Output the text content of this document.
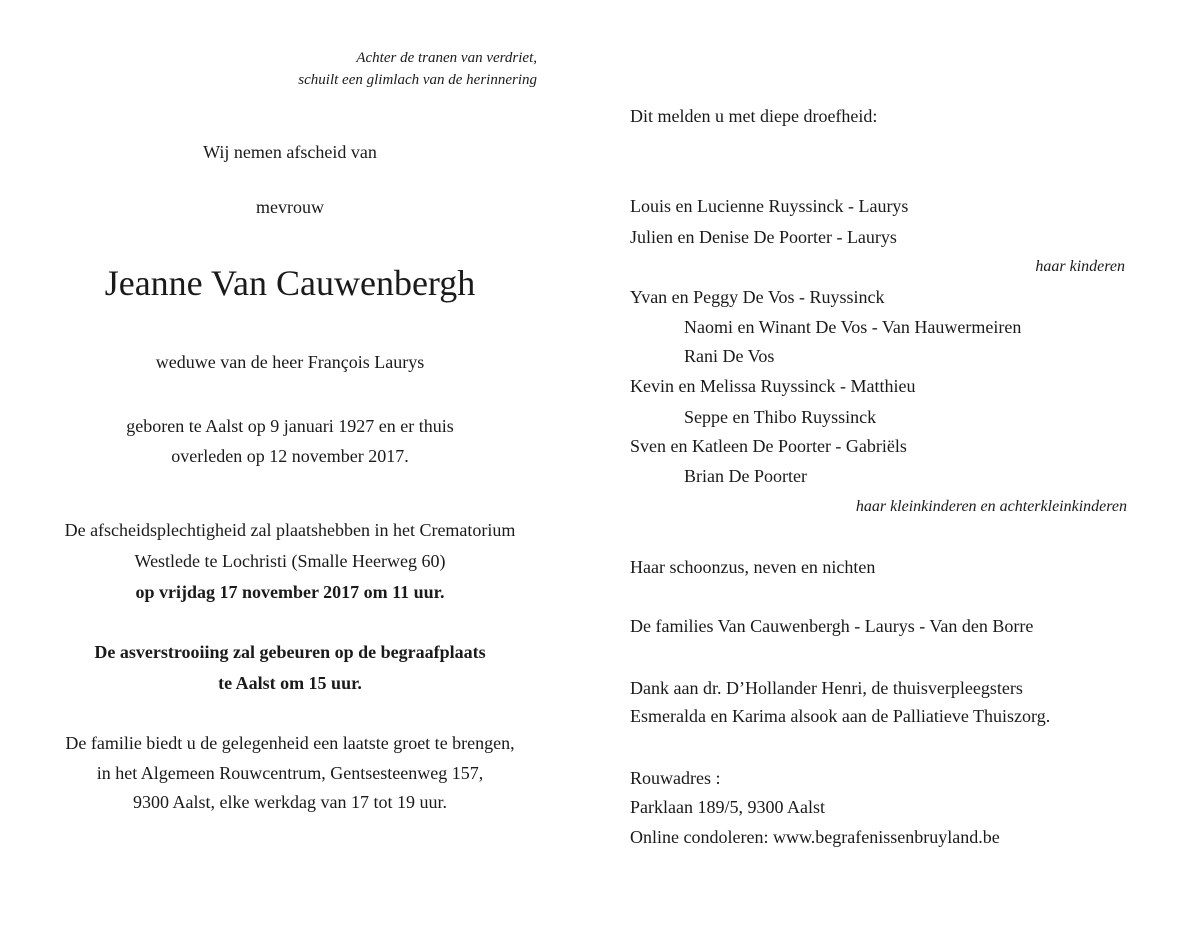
Achter de tranen van verdriet,
schuilt een glimlach van de herinnering
Wij nemen afscheid van
mevrouw
Jeanne Van Cauwenbergh
weduwe van de heer François Laurys
geboren te Aalst op 9 januari 1927 en er thuis
overleden op 12 november 2017.
De afscheidsplechtigheid zal plaatshebben in het Crematorium
Westlede te Lochristi (Smalle Heerweg 60)
op vrijdag 17 november 2017 om 11 uur.
De asverstrooiing zal gebeuren op de begraafplaats
te Aalst om 15 uur.
De familie biedt u de gelegenheid een laatste groet te brengen,
in het Algemeen Rouwcentrum, Gentsesteenweg 157,
9300 Aalst, elke werkdag van 17 tot 19 uur.
Dit melden u met diepe droefheid:
Louis en Lucienne Ruyssinck - Laurys
Julien en Denise De Poorter - Laurys
haar kinderen
Yvan en Peggy De Vos - Ruyssinck
Naomi en Winant De Vos - Van Hauwermeiren
Rani De Vos
Kevin en Melissa Ruyssinck - Matthieu
Seppe en Thibo Ruyssinck
Sven en Katleen De Poorter - Gabriëls
Brian De Poorter
haar kleinkinderen en achterkleinkinderen
Haar schoonzus, neven en nichten
De families Van Cauwenbergh - Laurys - Van den Borre
Dank aan dr. D’Hollander Henri, de thuisverpleegsters
Esmeralda en Karima alsook aan de Palliatieve Thuiszorg.
Rouwadres :
Parklaan 189/5, 9300 Aalst
Online condoleren: www.begrafenissenbruyland.be
